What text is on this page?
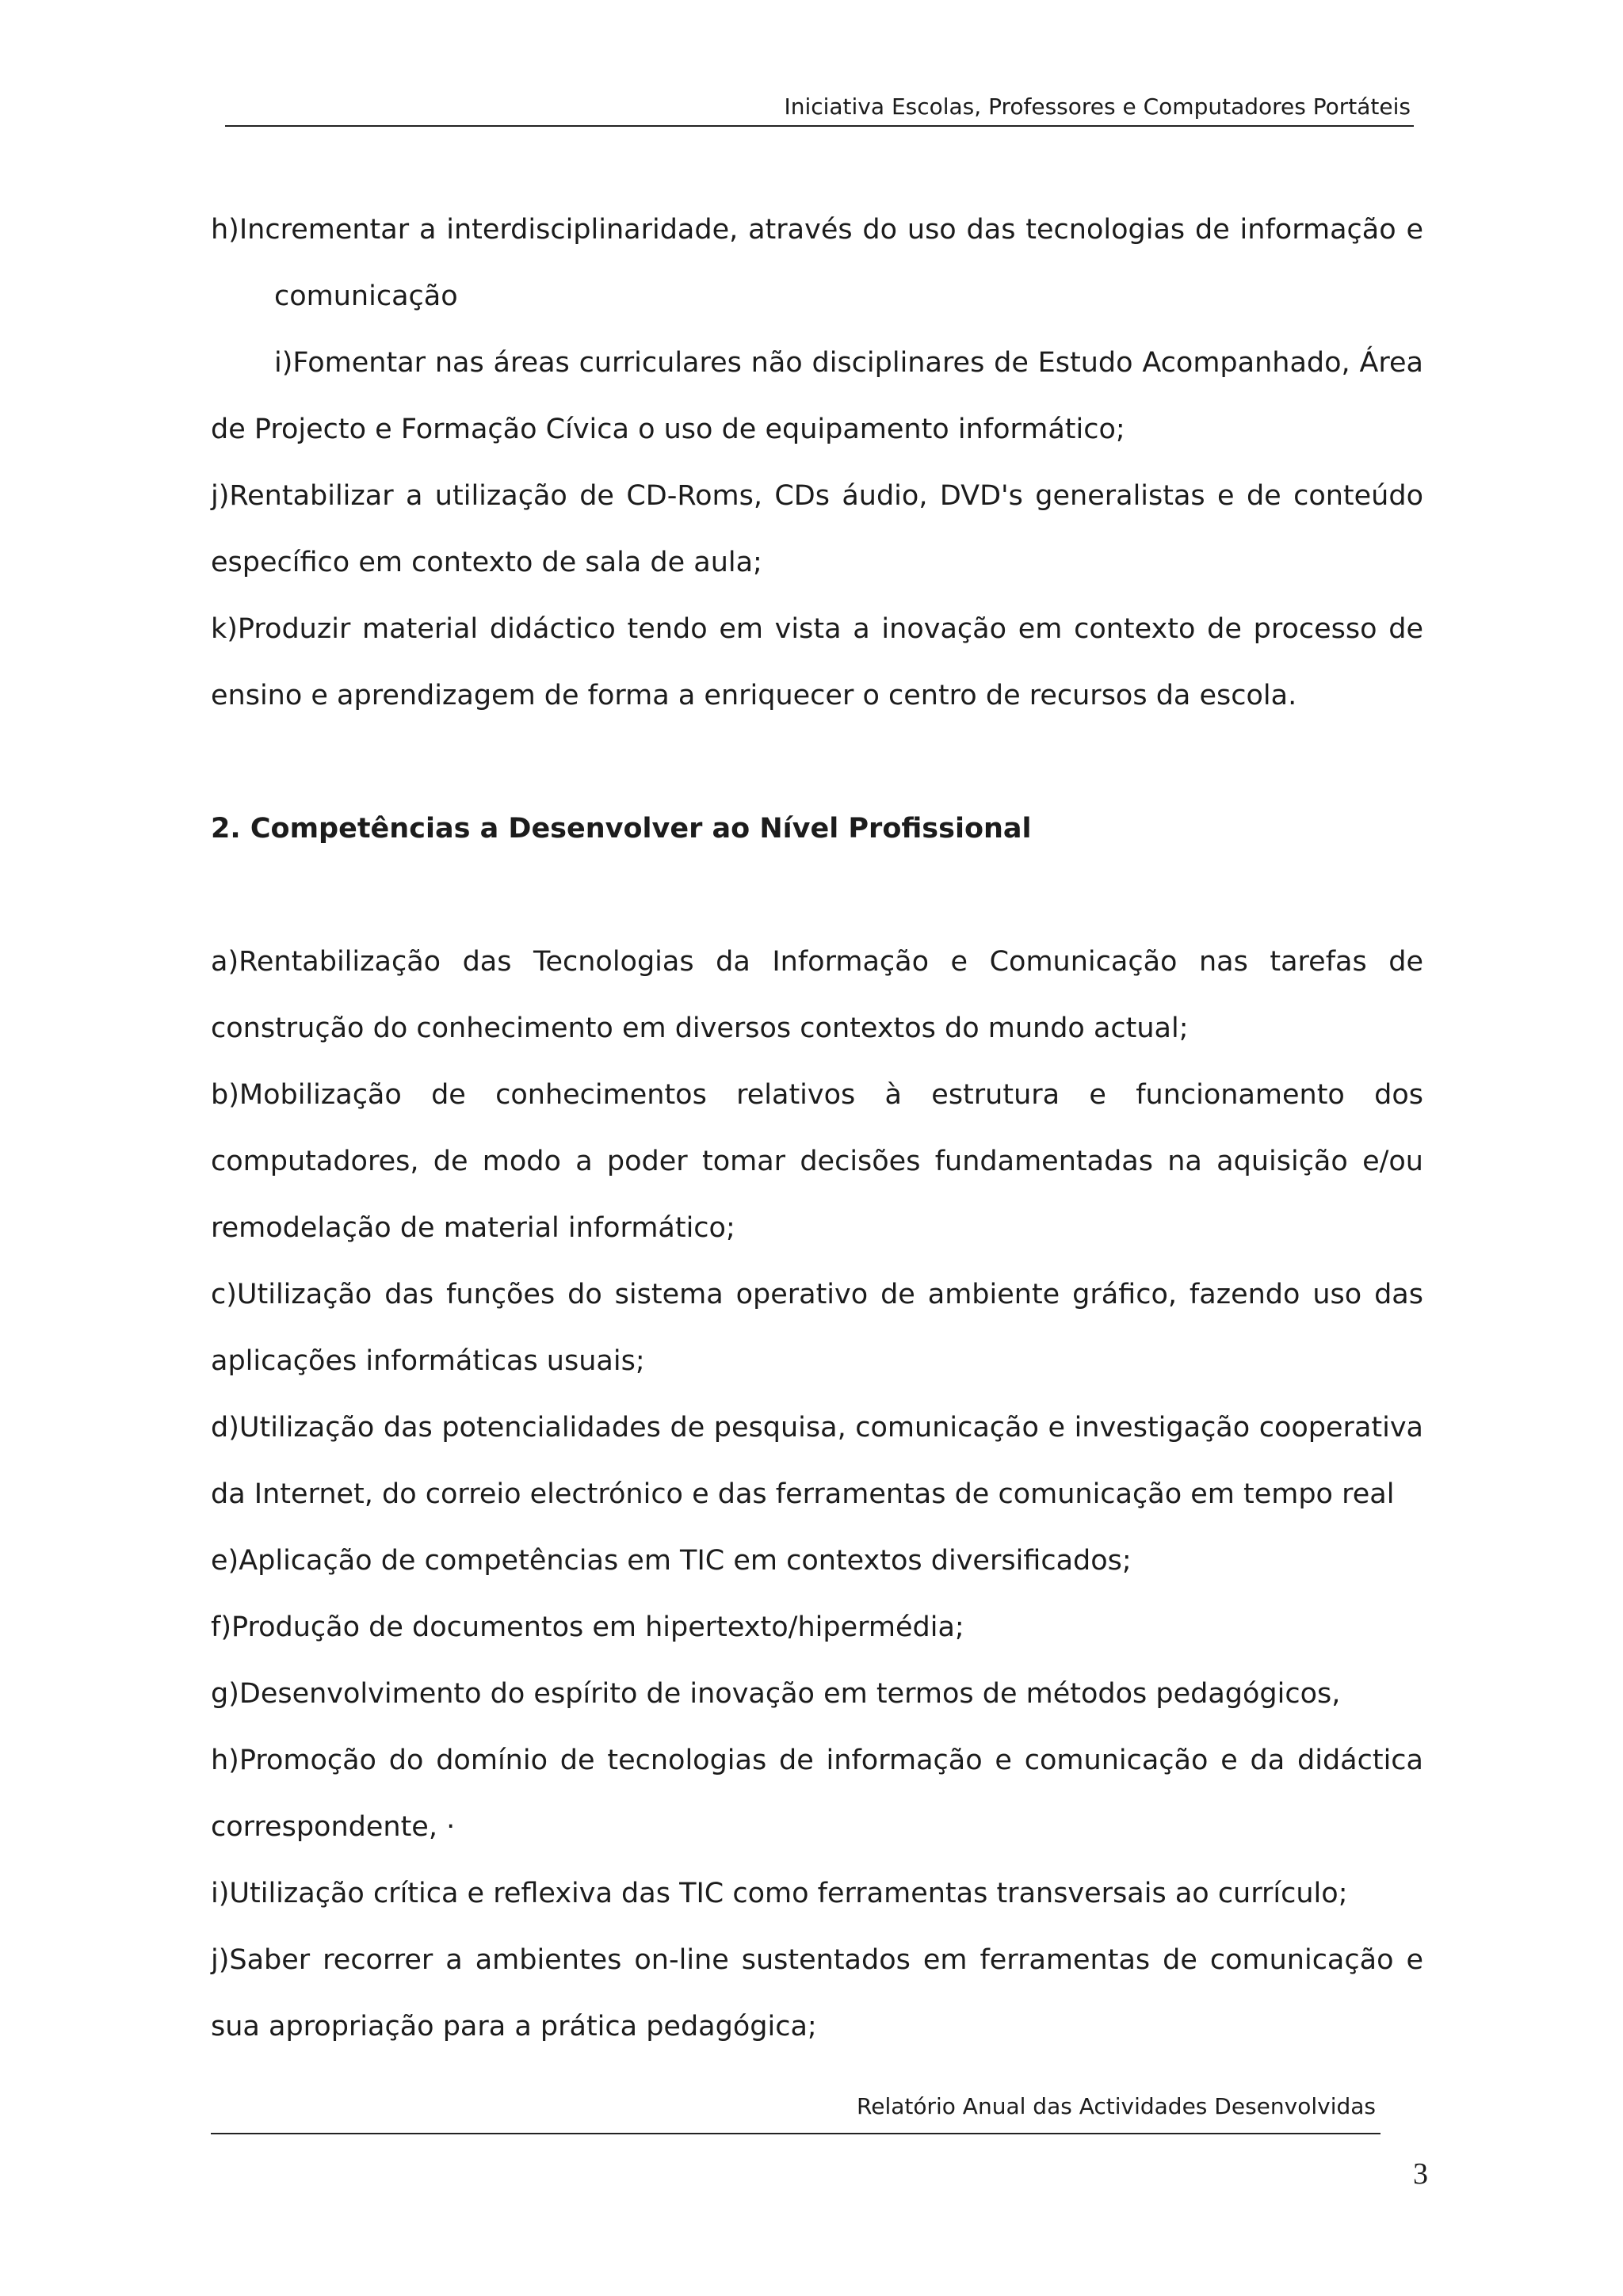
Iniciativa Escolas, Professores e Computadores Portáteis
h)Incrementar a interdisciplinaridade, através do uso das tecnologias de informação e
comunicação
i)Fomentar nas áreas curriculares não disciplinares de Estudo Acompanhado, Área
de Projecto e Formação Cívica o uso de equipamento informático;
j)Rentabilizar a utilização de CD-Roms, CDs áudio, DVD's generalistas e de conteúdo
específico em contexto de sala de aula;
k)Produzir material didáctico tendo em vista a inovação em contexto de processo de
ensino e aprendizagem de forma a enriquecer o centro de recursos da escola.
2. Competências a Desenvolver ao Nível Profissional
a)Rentabilização das Tecnologias da Informação e Comunicação nas tarefas de
construção do conhecimento em diversos contextos do mundo actual;
b)Mobilização de conhecimentos relativos à estrutura e funcionamento dos
computadores, de modo a poder tomar decisões fundamentadas na aquisição e/ou
remodelação de material informático;
c)Utilização das funções do sistema operativo de ambiente gráfico, fazendo uso das
aplicações informáticas usuais;
d)Utilização das potencialidades de pesquisa, comunicação e investigação cooperativa
da Internet, do correio electrónico e das ferramentas de comunicação em tempo real
e)Aplicação de competências em TIC em contextos diversificados;
f)Produção de documentos em hipertexto/hipermédia;
g)Desenvolvimento do espírito de inovação em termos de métodos pedagógicos,
h)Promoção do domínio de tecnologias de informação e comunicação e da didáctica
correspondente, ·
i)Utilização crítica e reflexiva das TIC como ferramentas transversais ao currículo;
j)Saber recorrer a ambientes on-line sustentados em ferramentas de comunicação e
sua apropriação para a prática pedagógica;
Relatório Anual das Actividades Desenvolvidas
3
